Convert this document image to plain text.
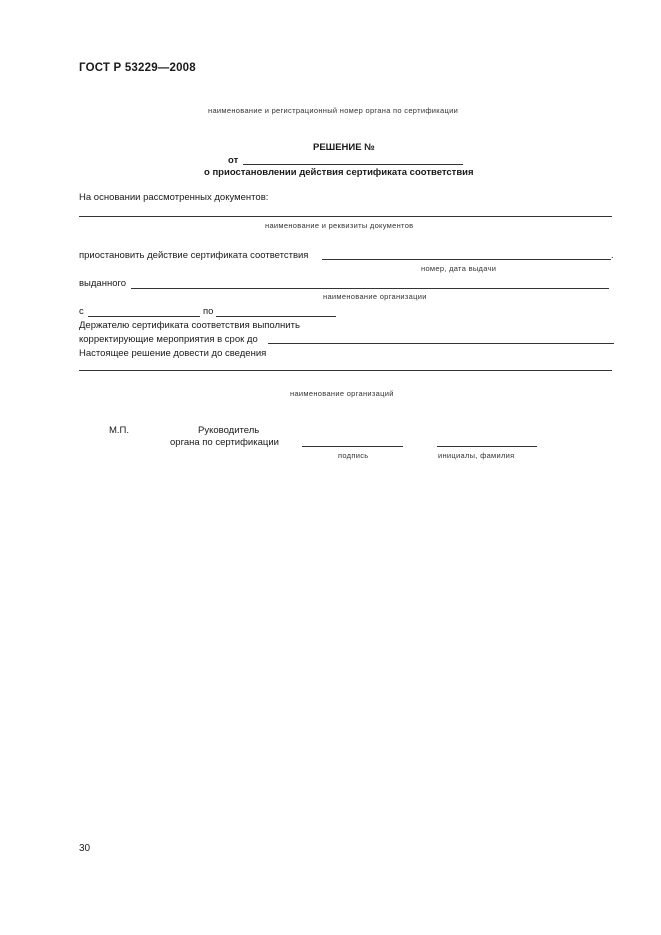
ГОСТ Р 53229—2008
наименование и регистрационный номер органа по сертификации
РЕШЕНИЕ №
от
о приостановлении действия сертификата соответствия
На основании рассмотренных документов:
наименование и реквизиты документов
приостановить действие сертификата соответствия	.
номер, дата выдачи
выданного
наименование организации
с	по
Держателю сертификата соответствия выполнить
корректирующие мероприятия в срок до
Настоящее решение довести до сведения
наименование организаций
М.П.	Руководитель
органа по сертификации
подпись	инициалы, фамилия
30
